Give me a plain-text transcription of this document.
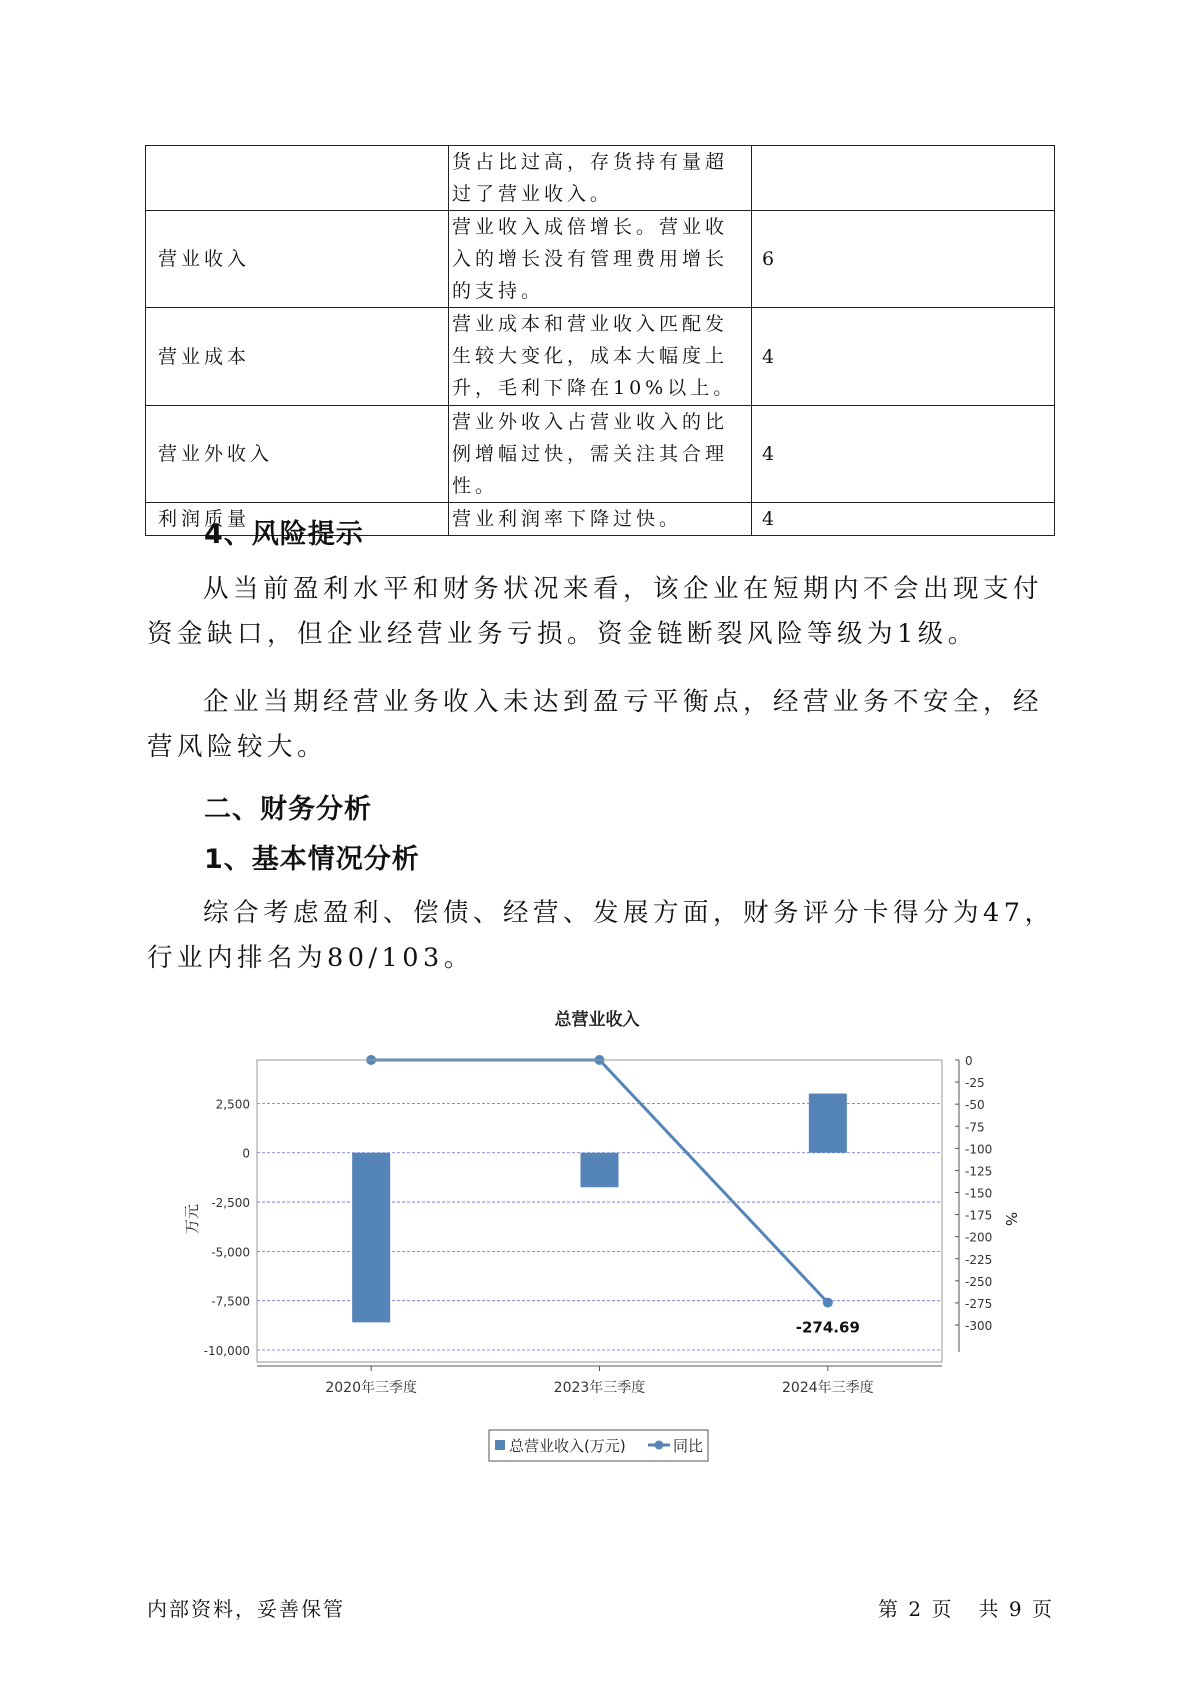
	货占比过高，存货持有量超过了营业收入。	
营业收入	营业收入成倍增长。营业收入的增长没有管理费用增长的支持。	6
营业成本	营业成本和营业收入匹配发生较大变化，成本大幅度上升，毛利下降在10%以上。	4
营业外收入	营业外收入占营业收入的比例增幅过快，需关注其合理性。	4
利润质量	营业利润率下降过快。	4
4、风险提示
从当前盈利水平和财务状况来看，该企业在短期内不会出现支付资金缺口，但企业经营业务亏损。资金链断裂风险等级为1级。
企业当期经营业务收入未达到盈亏平衡点，经营业务不安全，经营风险较大。
二、财务分析
1、基本情况分析
综合考虑盈利、偿债、经营、发展方面，财务评分卡得分为47，行业内排名为80/103。
总营业收入
-274.69
2,500
0
-2,500
-5,000
-7,500
-10,000
0
-25
-50
-75
-100
-125
-150
-175
-200
-225
-250
-275
-300
2020年三季度	2023年三季度	2024年三季度
万元	%
总营业收入(万元)	同比
内部资料，妥善保管	第 2 页   共 9 页
